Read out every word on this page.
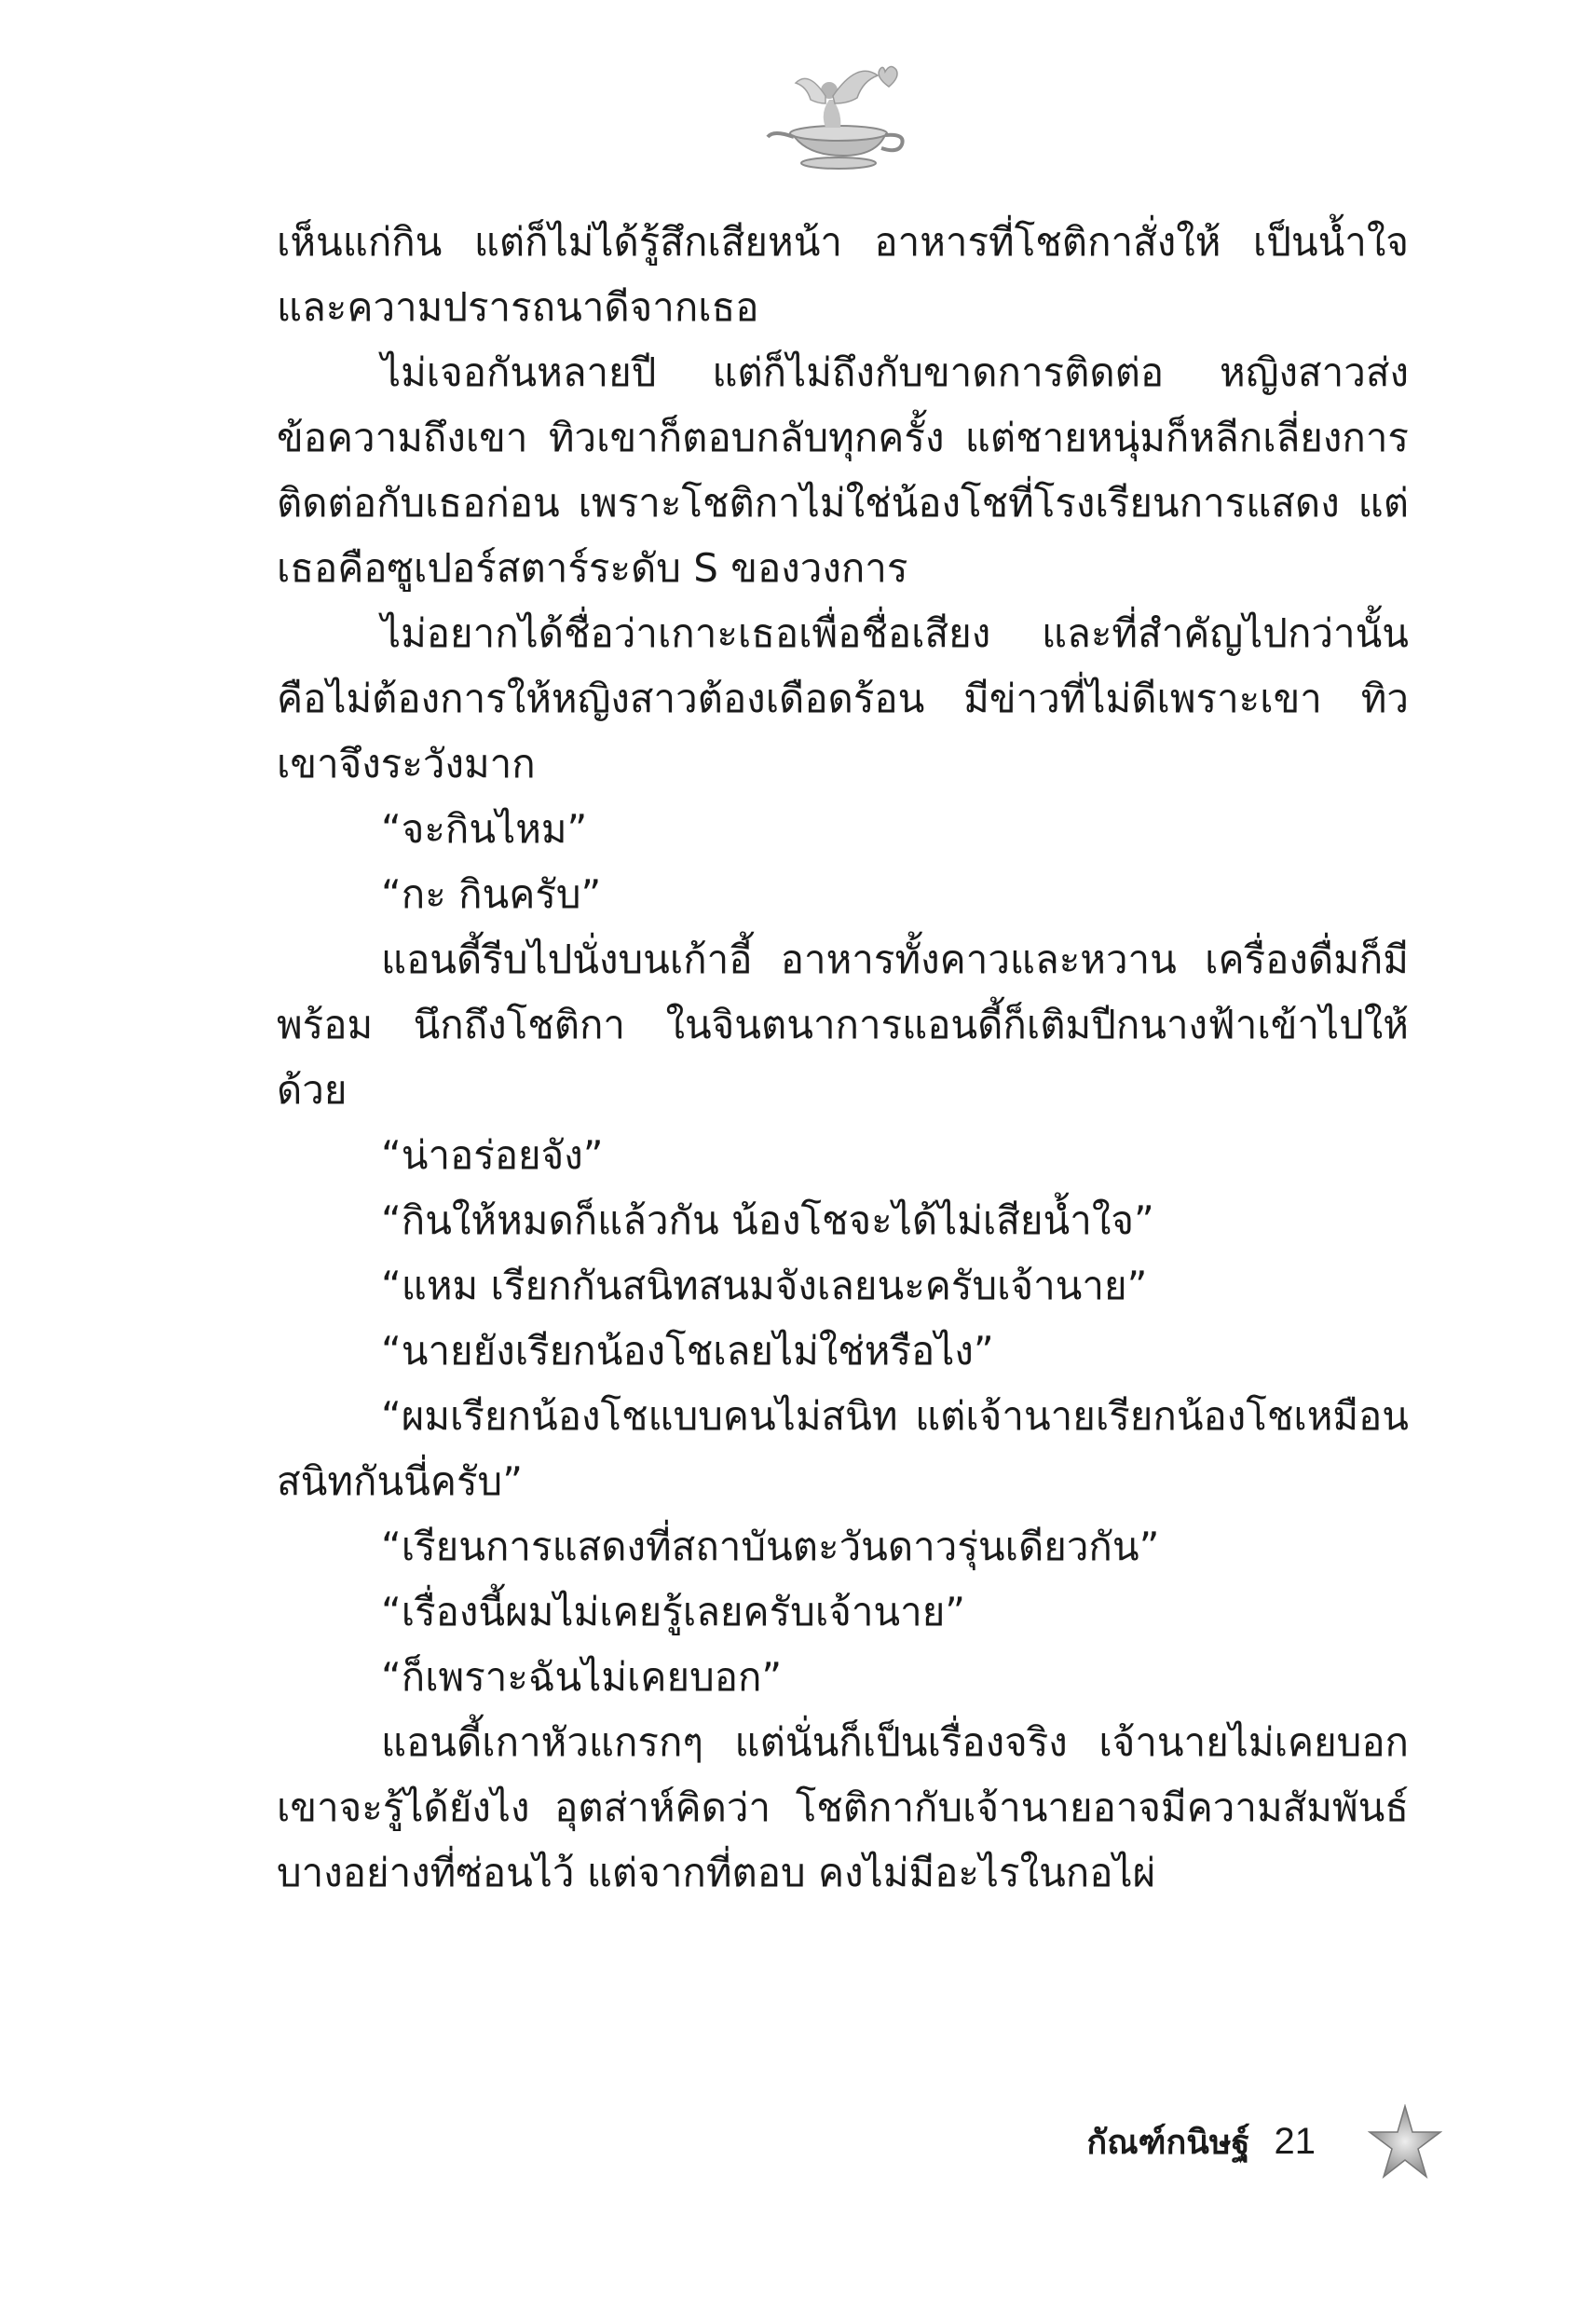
เห็นแก่กิน แต่ก็ไม่ได้รู้สึกเสียหน้า อาหารที่โชติกาสั่งให้ เป็นน้ำใจและความปรารถนาดีจากเธอ

ไม่เจอกันหลายปี แต่ก็ไม่ถึงกับขาดการติดต่อ หญิงสาวส่งข้อความถึงเขา ทิวเขาก็ตอบกลับทุกครั้ง แต่ชายหนุ่มก็หลีกเลี่ยงการติดต่อกับเธอก่อน เพราะโชติกาไม่ใช่น้องโชที่โรงเรียนการแสดง แต่เธอคือซูเปอร์สตาร์ระดับ S ของวงการ

ไม่อยากได้ชื่อว่าเกาะเธอเพื่อชื่อเสียง และที่สำคัญไปกว่านั้นคือไม่ต้องการให้หญิงสาวต้องเดือดร้อน มีข่าวที่ไม่ดีเพราะเขา ทิวเขาจึงระวังมาก

“จะกินไหม”

“กะ กินครับ”

แอนดี้รีบไปนั่งบนเก้าอี้ อาหารทั้งคาวและหวาน เครื่องดื่มก็มีพร้อม นึกถึงโชติกา ในจินตนาการแอนดี้ก็เติมปีกนางฟ้าเข้าไปให้ด้วย

“น่าอร่อยจัง”

“กินให้หมดก็แล้วกัน น้องโชจะได้ไม่เสียน้ำใจ”

“แหม เรียกกันสนิทสนมจังเลยนะครับเจ้านาย”

“นายยังเรียกน้องโชเลยไม่ใช่หรือไง”

“ผมเรียกน้องโชแบบคนไม่สนิท แต่เจ้านายเรียกน้องโชเหมือนสนิทกันนี่ครับ”

“เรียนการแสดงที่สถาบันตะวันดาวรุ่นเดียวกัน”

“เรื่องนี้ผมไม่เคยรู้เลยครับเจ้านาย”

“ก็เพราะฉันไม่เคยบอก”

แอนดี้เกาหัวแกรกๆ แต่นั่นก็เป็นเรื่องจริง เจ้านายไม่เคยบอกเขาจะรู้ได้ยังไง อุตส่าห์คิดว่า โชติกากับเจ้านายอาจมีความสัมพันธ์บางอย่างที่ซ่อนไว้ แต่จากที่ตอบ คงไม่มีอะไรในกอไผ่

กัณฑ์กนิษฐ์ 21
